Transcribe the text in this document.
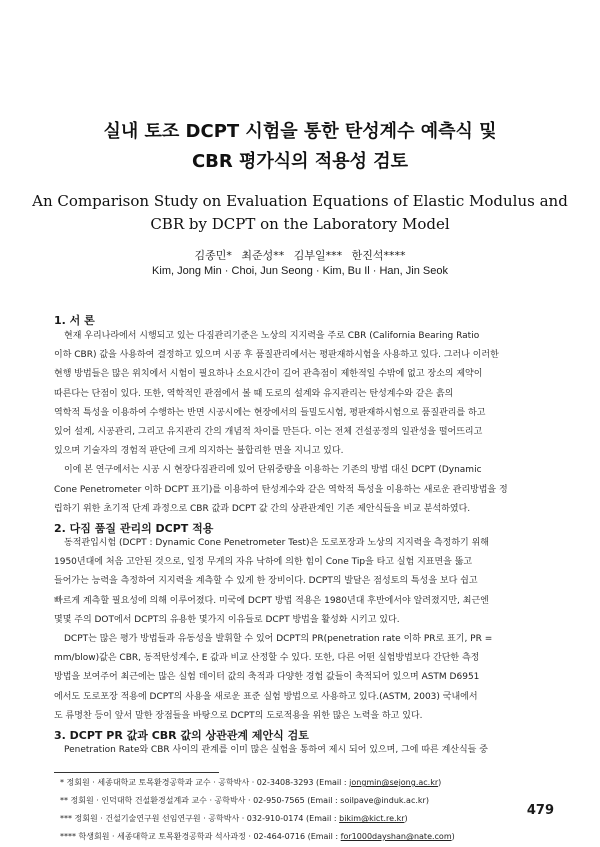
실내 토조 DCPT 시험을 통한 탄성계수 예측식 및
CBR 평가식의 적용성 검토
An Comparison Study on Evaluation Equations of Elastic Modulus and
CBR by DCPT on the Laboratory Model
김종민* 최준성** 김부일*** 한진석****
Kim, Jong Min · Choi, Jun Seong · Kim, Bu Il · Han, Jin Seok
1. 서 론
현재 우리나라에서 시행되고 있는 다짐관리기준은 노상의 지지력을 주로 CBR (California Bearing Ratio
이하 CBR) 값을 사용하여 결정하고 있으며 시공 후 품질관리에서는 평판재하시험을 사용하고 있다. 그러나 이러한
현행 방법들은 많은 위치에서 시험이 필요하나 소요시간이 길어 관측점이 제한적일 수밖에 없고 장소의 제약이
따른다는 단점이 있다. 또한, 역학적인 관점에서 볼 때 도로의 설계와 유지관리는 탄성계수와 같은 흙의
역학적 특성을 이용하여 수행하는 반면 시공시에는 현장에서의 들밀도시험, 평판재하시험으로 품질관리를 하고
있어 설계, 시공관리, 그리고 유지관리 간의 개념적 차이를 만든다. 이는 전체 건설공정의 일관성을 떨어뜨리고
있으며 기술자의 경험적 판단에 크게 의지하는 불합리한 면을 지니고 있다.
이에 본 연구에서는 시공 시 현장다짐관리에 있어 단위중량을 이용하는 기존의 방법 대신 DCPT (Dynamic
Cone Penetrometer 이하 DCPT 표기)를 이용하여 탄성계수와 같은 역학적 특성을 이용하는 새로운 관리방법을 정
립하기 위한 초기적 단계 과정으로 CBR 값과 DCPT 값 간의 상관관계인 기존 제안식들을 비교 분석하였다.
2. 다짐 품질 관리의 DCPT 적용
동적관입시험 (DCPT : Dynamic Cone Penetrometer Test)은 도로포장과 노상의 지지력을 측정하기 위해
1950년대에 처음 고안된 것으로, 일정 무게의 자유 낙하에 의한 힘이 Cone Tip을 타고 실험 지표면을 뚫고
들어가는 능력을 측정하여 지지력을 계측할 수 있게 한 장비이다. DCPT의 발달은 점성토의 특성을 보다 쉽고
빠르게 계측할 필요성에 의해 이루어졌다. 미국에 DCPT 방법 적용은 1980년대 후반에서야 알려졌지만, 최근엔
몇몇 주의 DOT에서 DCPT의 유용한 몇가지 이유들로 DCPT 방법을 활성화 시키고 있다.
DCPT는 많은 평가 방법들과 유동성을 발휘할 수 있어 DCPT의 PR(penetration rate 이하 PR로 표기, PR =
mm/blow)값은 CBR, 동적탄성계수, E 값과 비교 산정할 수 있다. 또한, 다른 어떤 실험방법보다 간단한 측정
방법을 보여주어 최근에는 많은 실험 데이터 값의 축적과 다양한 경험 값들이 축적되어 있으며 ASTM D6951
에서도 도로포장 적용에 DCPT의 사용을 새로운 표준 실험 방법으로 사용하고 있다.(ASTM, 2003) 국내에서
도 류명찬 등이 앞서 말한 장점들을 바탕으로 DCPT의 도로적용을 위한 많은 노력을 하고 있다.
3. DCPT PR 값과 CBR 값의 상관관계 제안식 검토
Penetration Rate와 CBR 사이의 관계를 이미 많은 실험을 통하여 제시 되어 있으며, 그에 따른 계산식들 중
* 정회원 · 세종대학교 토목환경공학과 교수 · 공학박사 · 02-3408-3293 (Email : jongmin@sejong.ac.kr)
** 정회원 · 인덕대학 건설환경설계과 교수 · 공학박사 · 02-950-7565 (Email : soilpave@induk.ac.kr)
*** 정회원 · 건설기술연구원 선임연구원 · 공학박사 · 032-910-0174 (Email : bikim@kict.re.kr)
**** 학생회원 · 세종대학교 토목환경공학과 석사과정 · 02-464-0716 (Email : for1000dayshan@nate.com)
479
